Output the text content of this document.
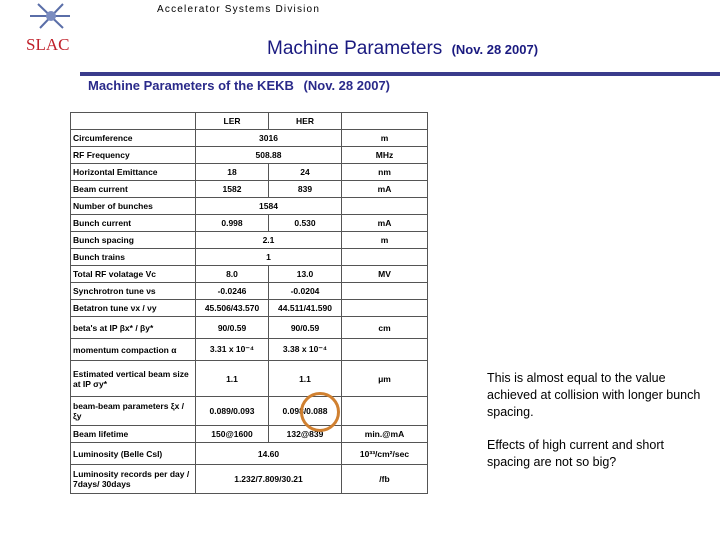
SLAC
Accelerator Systems Division
Machine Parameters (Nov. 28 2007)
Machine Parameters of the KEKB (Nov. 28 2007)
	LER	HER	
Circumference	3016		m
RF Frequency	508.88		MHz
Horizontal Emittance	18	24	nm
Beam current	1582	839	mA
Number of bunches	1584		
Bunch current	0.998	0.530	mA
Bunch spacing	2.1		m
Bunch trains	1		
Total RF volatage Vc	8.0	13.0	MV
Synchrotron tune νs	-0.0246	-0.0204	
Betatron tune νx / νy	45.506/43.570	44.511/41.590	
beta's at IP βx* / βy*	90/0.59	90/0.59	cm
momentum compaction α	3.31 x 10⁻⁴	3.38 x 10⁻⁴	
Estimated vertical beam size at IP σy*	1.1	1.1	μm
beam-beam parameters ξx / ξy	0.089/0.093	0.098/0.088	
Beam lifetime	150@1600	132@839	min.@mA
Luminosity (Belle CsI)	14.60		10³³/cm²/sec
Luminosity records per day / 7days/ 30days	1.232/7.809/30.21		/fb
This is almost equal to the value achieved at collision with longer bunch spacing.
Effects of high current and short spacing are not so big?
